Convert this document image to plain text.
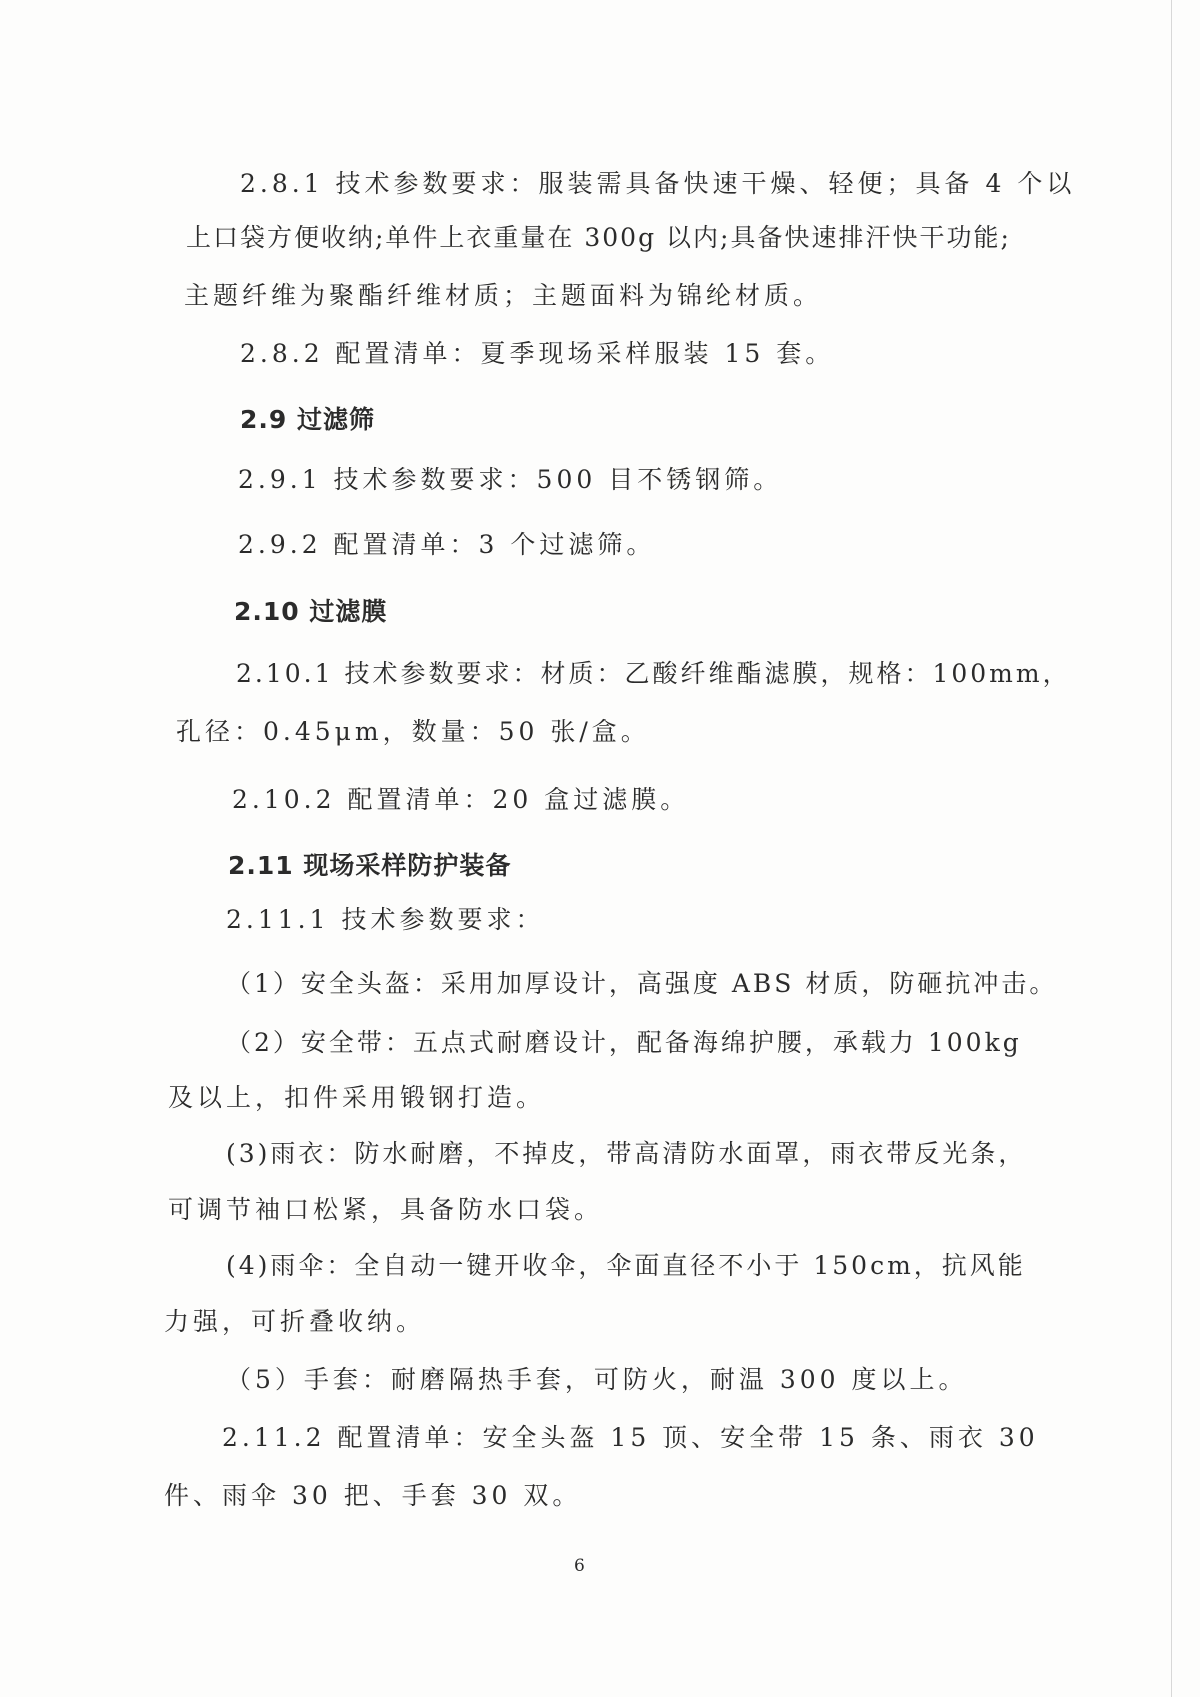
2.8.1 技术参数要求：服装需具备快速干燥、轻便；具备 4 个以
上口袋方便收纳;单件上衣重量在 300g 以内;具备快速排汗快干功能;
主题纤维为聚酯纤维材质；主题面料为锦纶材质。
2.8.2 配置清单：夏季现场采样服装 15 套。
2.9 过滤筛
2.9.1 技术参数要求：500 目不锈钢筛。
2.9.2 配置清单：3 个过滤筛。
2.10 过滤膜
2.10.1 技术参数要求：材质：乙酸纤维酯滤膜，规格：100mm，
孔径：0.45μm，数量：50 张/盒。
2.10.2 配置清单：20 盒过滤膜。
2.11 现场采样防护装备
2.11.1 技术参数要求：
（1）安全头盔：采用加厚设计，高强度 ABS 材质，防砸抗冲击。
（2）安全带：五点式耐磨设计，配备海绵护腰，承载力 100kg
及以上，扣件采用锻钢打造。
(3)雨衣：防水耐磨，不掉皮，带高清防水面罩，雨衣带反光条，
可调节袖口松紧，具备防水口袋。
(4)雨伞：全自动一键开收伞，伞面直径不小于 150cm，抗风能
力强，可折叠收纳。
（5）手套：耐磨隔热手套，可防火，耐温 300 度以上。
2.11.2 配置清单：安全头盔 15 顶、安全带 15 条、雨衣 30
件、雨伞 30 把、手套 30 双。
6
